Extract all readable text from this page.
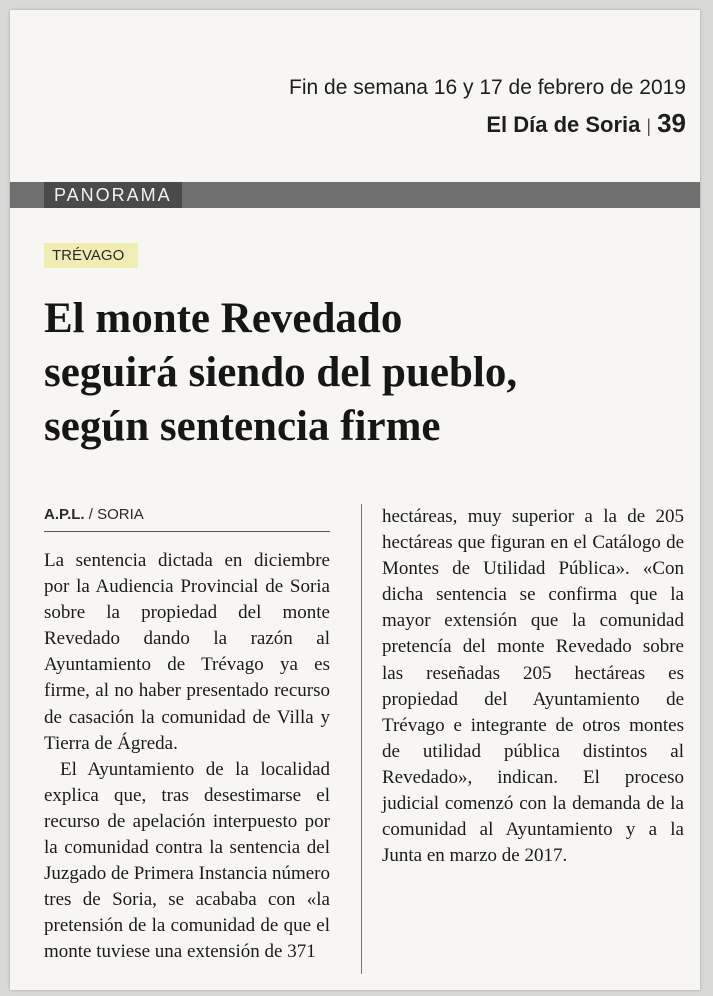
Fin de semana 16 y 17 de febrero de 2019
El Día de Soria | 39
PANORAMA
TRÉVAGO
El monte Revedado
seguirá siendo del pueblo,
según sentencia firme
A.P.L. / SORIA

La sentencia dictada en diciembre por la Audiencia Provincial de Soria sobre la propiedad del monte Revedado dando la razón al Ayuntamiento de Trévago ya es firme, al no haber presentado recurso de casación la comunidad de Villa y Tierra de Ágreda.

El Ayuntamiento de la localidad explica que, tras desestimarse el recurso de apelación interpuesto por la comunidad contra la sentencia del Juzgado de Primera Instancia número tres de Soria, se acababa con «la pretensión de la comunidad de que el monte tuviese una extensión de 371

hectáreas, muy superior a la de 205 hectáreas que figuran en el Catálogo de Montes de Utilidad Pública». «Con dicha sentencia se confirma que la mayor extensión que la comunidad pretencía del monte Revedado sobre las reseñadas 205 hectáreas es propiedad del Ayuntamiento de Trévago e integrante de otros montes de utilidad pública distintos al Revedado», indican. El proceso judicial comenzó con la demanda de la comunidad al Ayuntamiento y a la Junta en marzo de 2017.
